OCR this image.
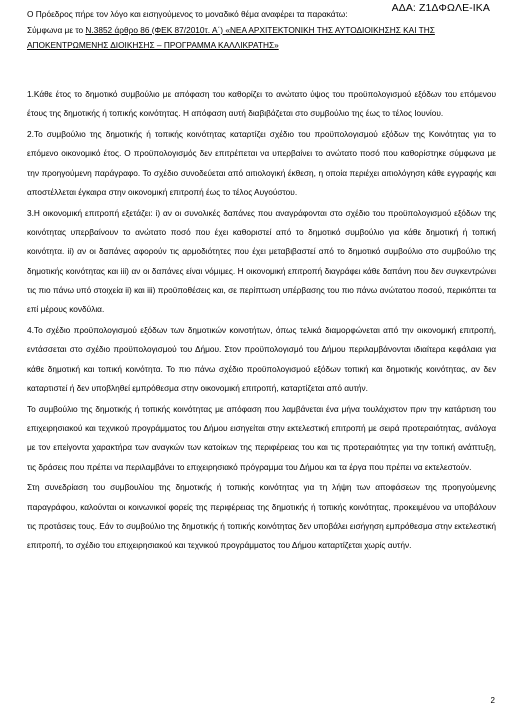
ΑΔΑ: Ζ1ΔΦΩΛΕ-ΙΚΑ
Ο Πρόεδρος πήρε τον λόγο και εισηγούμενος το μοναδικό θέμα αναφέρει τα παρακάτω:
Σύμφωνα με το Ν.3852 άρθρο 86 (ΦΕΚ 87/2010τ. Α΄) «ΝΕΑ ΑΡΧΙΤΕΚΤΟΝΙΚΗ ΤΗΣ ΑΥΤΟΔΙΟΙΚΗΣΗΣ ΚΑΙ ΤΗΣ
ΑΠΟΚΕΝΤΡΩΜΕΝΗΣ ΔΙΟΙΚΗΣΗΣ – ΠΡΟΓΡΑΜΜΑ ΚΑΛΛΙΚΡΑΤΗΣ»

1.Κάθε έτος το δημοτικό συμβούλιο με απόφαση του καθορίζει το ανώτατο ύψος του προϋπολογισμού εξόδων του επόμενου έτους της δημοτικής ή τοπικής κοινότητας. Η απόφαση αυτή διαβιβάζεται στο συμβούλιο της έως το τέλος Ιουνίου.

2.Το συμβούλιο της δημοτικής ή τοπικής κοινότητας καταρτίζει σχέδιο του προϋπολογισμού εξόδων της Κοινότητας για το επόμενο οικονομικό έτος. Ο προϋπολογισμός δεν επιτρέπεται να υπερβαίνει το ανώτατο ποσό που καθορίστηκε σύμφωνα με την προηγούμενη παράγραφο. Το σχέδιο συνοδεύεται από αιτιολογική έκθεση, η οποία περιέχει αιτιολόγηση κάθε εγγραφής και αποστέλλεται έγκαιρα στην οικονομική επιτροπή έως το τέλος Αυγούστου.

3.Η οικονομική επιτροπή εξετάζει: i) αν οι συνολικές δαπάνες που αναγράφονται στο σχέδιο του προϋπολογισμού εξόδων της κοινότητας υπερβαίνουν το ανώτατο ποσό που έχει καθοριστεί από το δημοτικό συμβούλιο για κάθε δημοτική ή τοπική κοινότητα. ii) αν οι δαπάνες αφορούν τις αρμοδιότητες που έχει μεταβιβαστεί από το δημοτικό συμβούλιο στο συμβούλιο της δημοτικής κοινότητας και iii) αν οι δαπάνες είναι νόμιμες. Η οικονομική επιτροπή διαγράφει κάθε δαπάνη που δεν συγκεντρώνει τις πιο πάνω υπό στοιχεία ii) και iii) προϋποθέσεις και, σε περίπτωση υπέρβασης του πιο πάνω ανώτατου ποσού, περικόπτει τα επί μέρους κονδύλια.

4.Το σχέδιο προϋπολογισμού εξόδων των δημοτικών κοινοτήτων, όπως τελικά διαμορφώνεται από την οικονομική επιτροπή, εντάσσεται στο σχέδιο προϋπολογισμού του Δήμου. Στον προϋπολογισμό του Δήμου περιλαμβάνονται ιδιαίτερα κεφάλαια για κάθε δημοτική και τοπική κοινότητα. Το πιο πάνω σχέδιο προϋπολογισμού εξόδων τοπική και δημοτικής κοινότητας, αν δεν καταρτιστεί ή δεν υποβληθεί εμπρόθεσμα στην οικονομική επιτροπή, καταρτίζεται από αυτήν.

Το συμβούλιο της δημοτικής ή τοπικής κοινότητας με απόφαση που λαμβάνεται ένα μήνα τουλάχιστον πριν την κατάρτιση του επιχειρησιακού και τεχνικού προγράμματος του Δήμου εισηγείται στην εκτελεστική επιτροπή με σειρά προτεραιότητας, ανάλογα με τον επείγοντα χαρακτήρα των αναγκών των κατοίκων της περιφέρειας του και τις προτεραιότητες για την τοπική ανάπτυξη, τις δράσεις που πρέπει να περιλαμβάνει το επιχειρησιακό πρόγραμμα του Δήμου και τα έργα που πρέπει να εκτελεστούν.

Στη συνεδρίαση του συμβουλίου της δημοτικής ή τοπικής κοινότητας για τη λήψη των αποφάσεων της προηγούμενης παραγράφου, καλούνται οι κοινωνικοί φορείς της περιφέρειας της δημοτικής ή τοπικής κοινότητας, προκειμένου να υποβάλουν τις προτάσεις τους. Εάν το συμβούλιο της δημοτικής ή τοπικής κοινότητας δεν υποβάλει εισήγηση εμπρόθεσμα στην εκτελεστική επιτροπή, το σχέδιο του επιχειρησιακού και τεχνικού προγράμματος του Δήμου καταρτίζεται χωρίς αυτήν.

2
